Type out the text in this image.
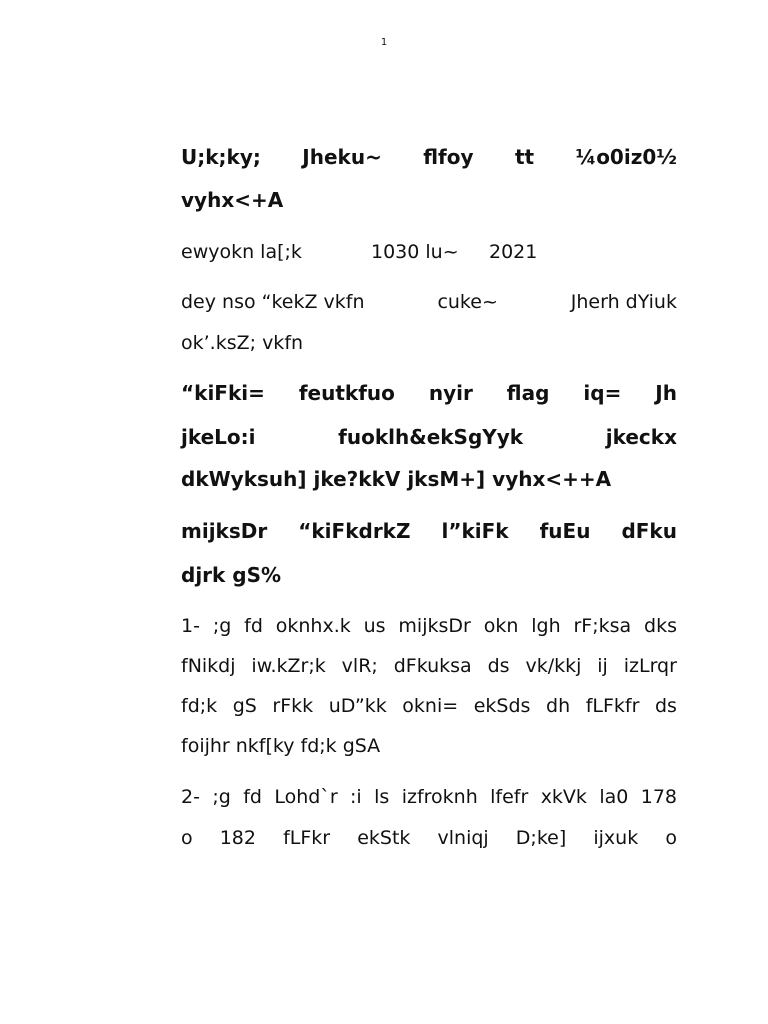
1
U;k;ky; Jheku~ flfoy tt ¼o0iz0½
vyhx<+A
ewyokn la[;k	1030 lu~	2021
dey nso “kekZ vkfn	cuke~	Jherh dYiuk
ok’.ksZ; vkfn
“kiFki= feutkfuo nyir flag iq= Jh
jkeLo:i	fuoklh&ekSgYyk	jkeckx
dkWyksuh] jke?kkV jksM+] vyhx<++A
mijksDr “kiFkdrkZ l”kiFk fuEu dFku
djrk gS%
1- ;g fd oknhx.k us mijksDr okn lgh rF;ksa dks
fNikdj iw.kZr;k vlR; dFkuksa ds vk/kkj ij izLrqr
fd;k gS rFkk uD”kk okni= ekSds dh fLFkfr ds
foijhr nkf[ky fd;k gSA
2- ;g fd Lohd`r :i ls izfroknh lfefr xkVk la0 178
o 182 fLFkr ekStk vlniqj D;ke] ijxuk o
